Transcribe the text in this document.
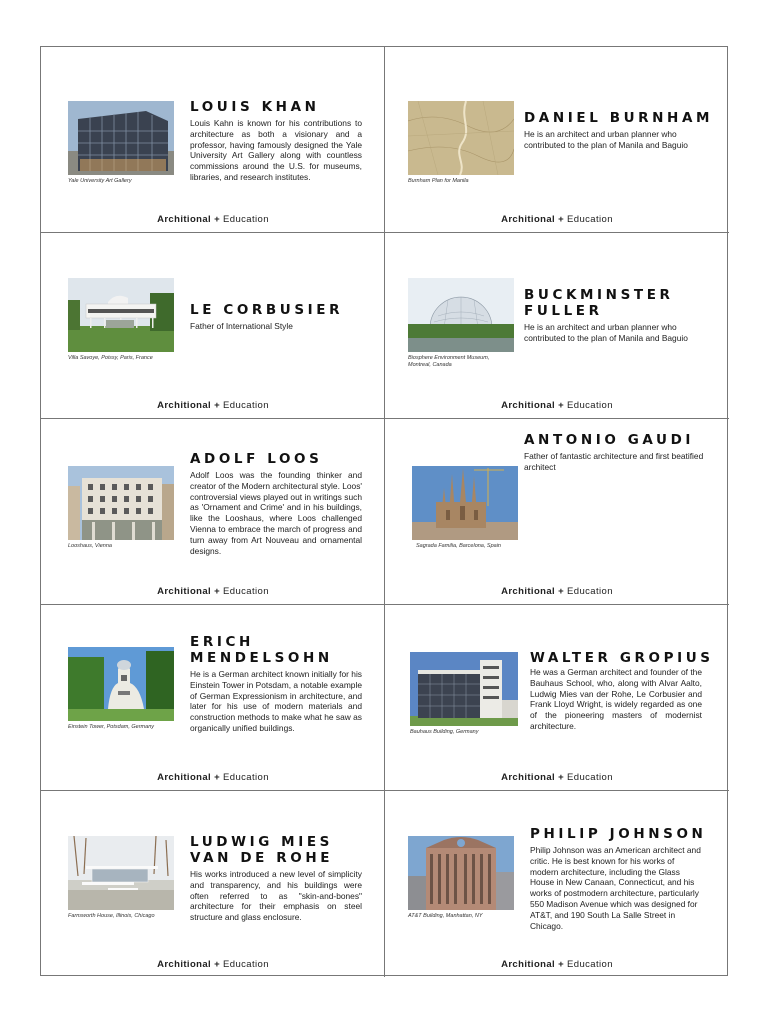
Yale University Art Gallery
LOUIS KHAN
Louis Kahn is known for his contributions to architecture as both a visionary and a professor, having famously designed the Yale University Art Gallery along with countless commissions around the U.S. for museums, libraries, and research institutes.
Architional + Education
Burnham Plan for Manila
DANIEL BURNHAM
He is an architect and urban planner who contributed to the plan of Manila and Baguio
Architional + Education
Villa Savoye, Poissy, Paris, France
LE CORBUSIER
Father of International Style
Architional + Education
Biosphere Environment Museum, Montreal, Canada
BUCKMINSTER
FULLER
He is an architect and urban planner who contributed to the plan of Manila and Baguio
Architional + Education
Looshaus, Vienna
ADOLF LOOS
Adolf Loos was the founding thinker and creator of the Modern architectural style. Loos' controversial views played out in writings such as 'Ornament and Crime' and in his buildings, like the Looshaus, where Loos challenged Vienna to embrace the march of progress and turn away from Art Nouveau and ornamental designs.
Architional + Education
Sagrada Familia, Barcelona, Spain
ANTONIO GAUDI
Father of fantastic architecture and first beatified architect
Architional + Education
Einstein Tower, Potsdam, Germany
ERICH
MENDELSOHN
He is a German architect known initially for his Einstein Tower in Potsdam, a notable example of German Expressionism in architecture, and later for his use of modern materials and construction methods to make what he saw as organically unified buildings.
Architional + Education
Bauhaus Building, Germany
WALTER GROPIUS
He was a German architect and founder of the Bauhaus School, who, along with Alvar Aalto, Ludwig Mies van der Rohe, Le Corbusier and Frank Lloyd Wright, is widely regarded as one of the pioneering masters of modernist architecture.
Architional + Education
Farnsworth House, Illinois, Chicago
LUDWIG MIES
VAN DE ROHE
His works introduced a new level of simplicity and transparency, and his buildings were often referred to as "skin-and-bones" architecture for their emphasis on steel structure and glass enclosure.
Architional + Education
AT&T Building, Manhattan, NY
PHILIP JOHNSON
Philip Johnson was an American architect and critic. He is best known for his works of modern architecture, including the Glass House in New Canaan, Connecticut, and his works of postmodern architecture, particularly 550 Madison Avenue which was designed for AT&T, and 190 South La Salle Street in Chicago.
Architional + Education
